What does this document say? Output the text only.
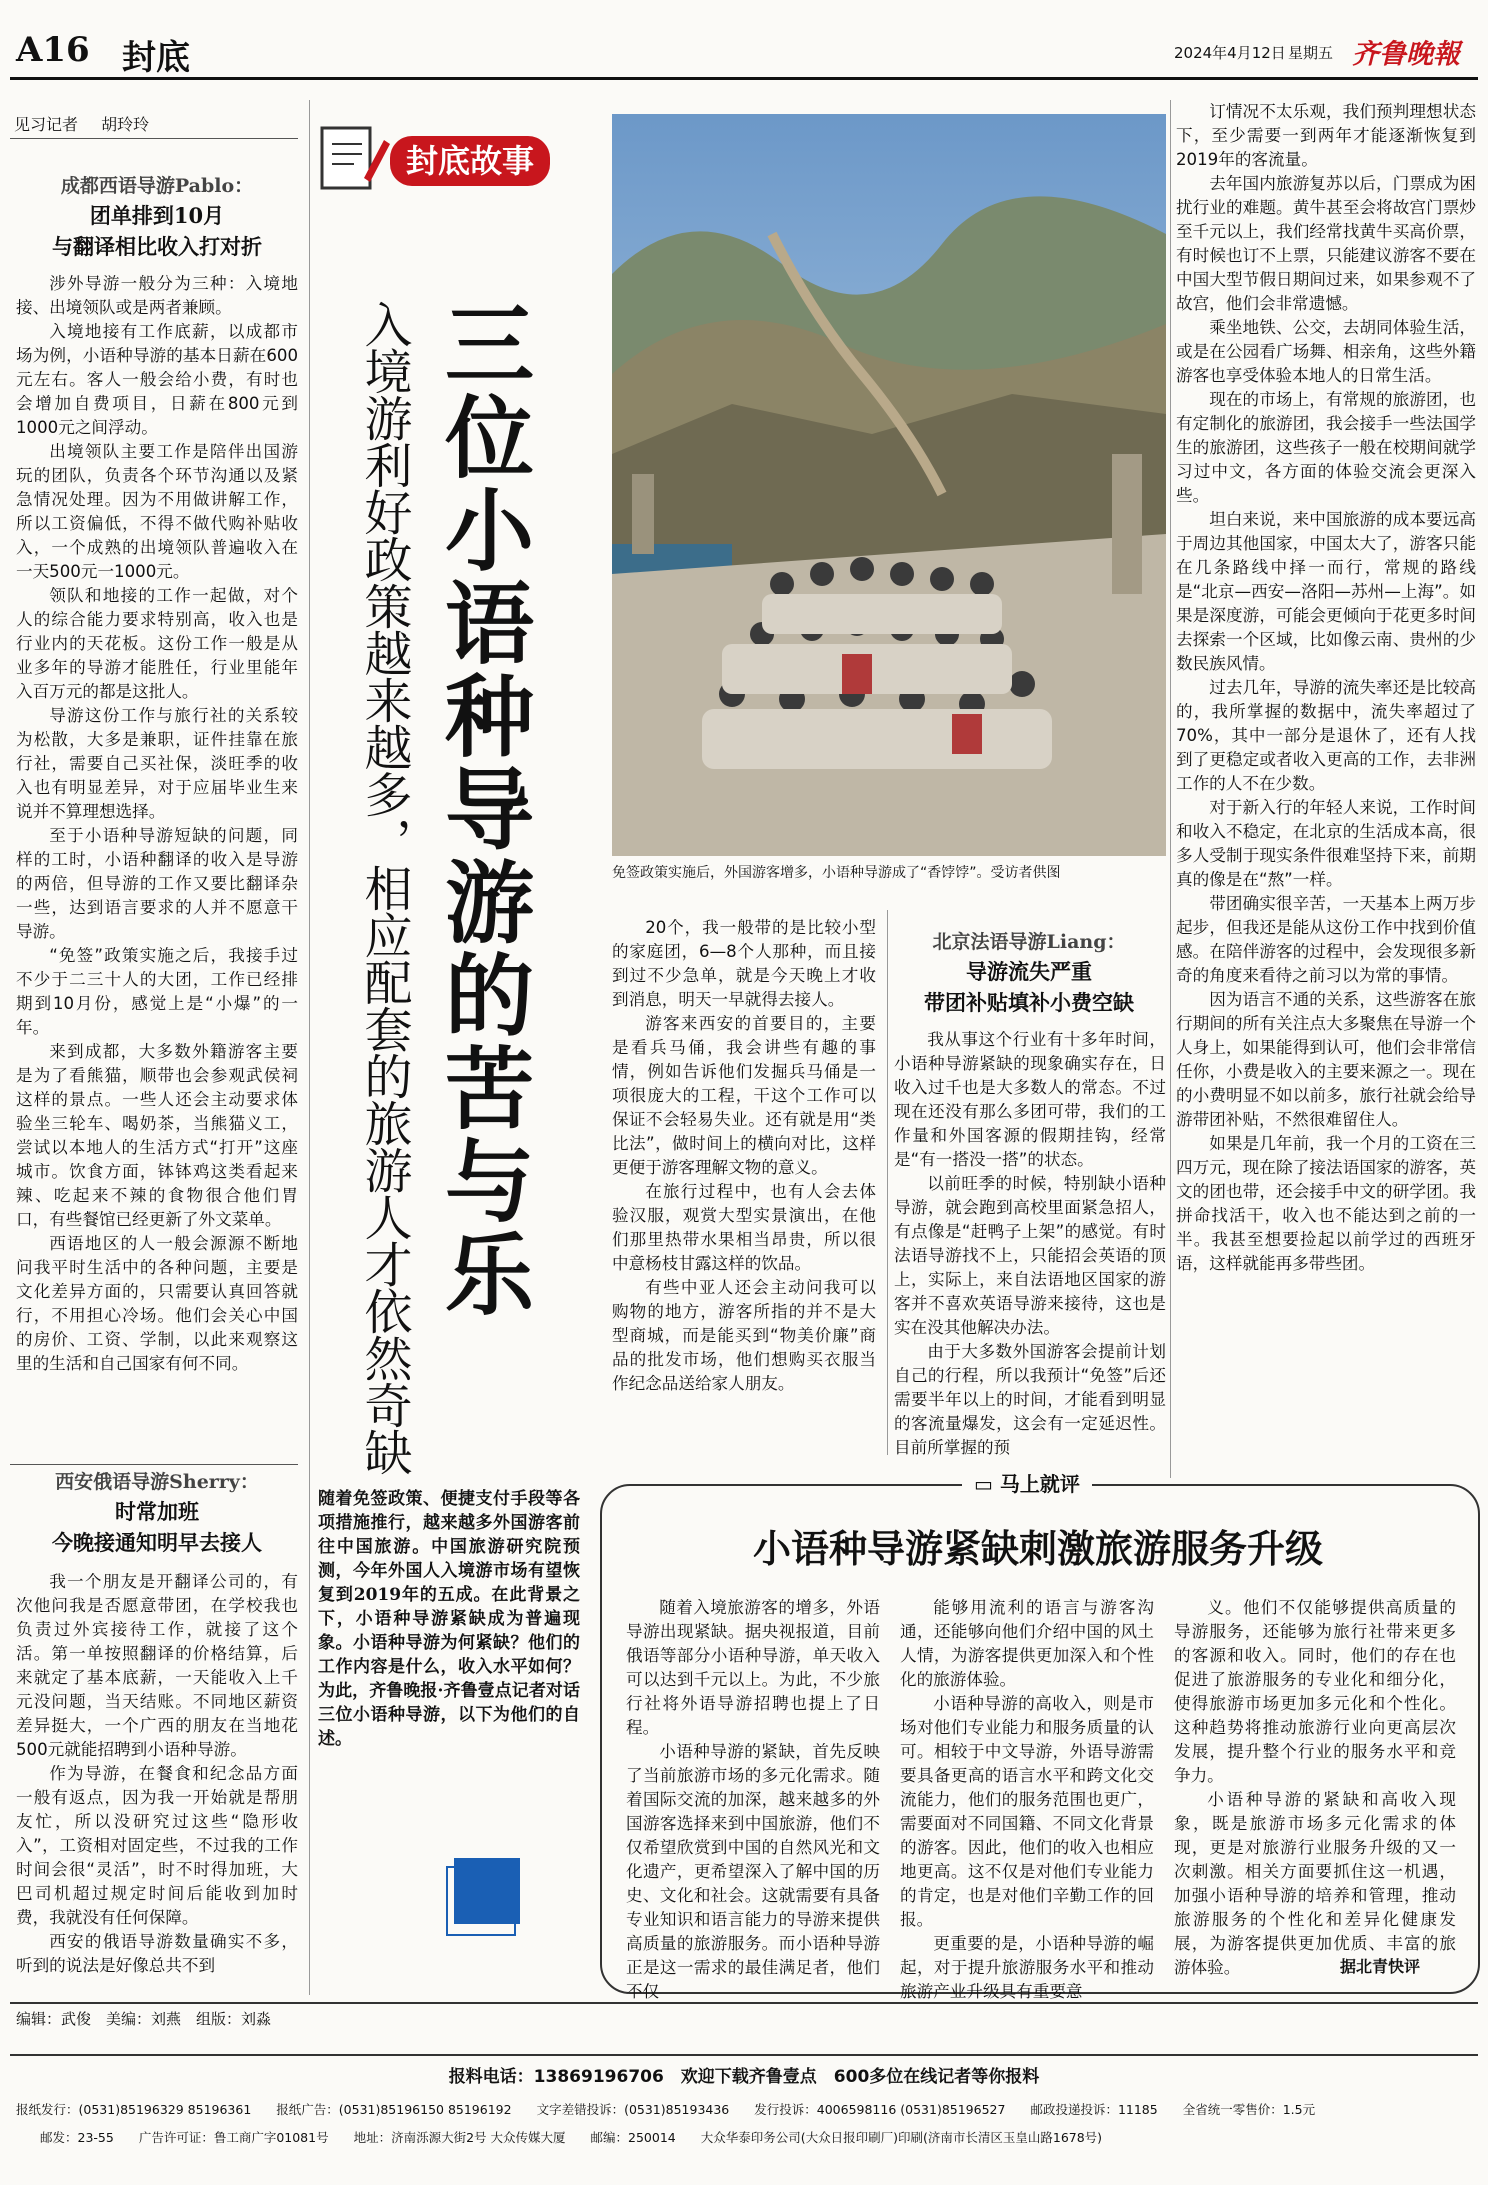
A16 封底	2024年4月12日 星期五 齐鲁晚報
见习记者 胡玲玲
成都西语导游Pablo：
团单排到10月
与翻译相比收入打对折

涉外导游一般分为三种：入境地接、出境领队或是两者兼顾。

入境地接有工作底薪，以成都市场为例，小语种导游的基本日薪在600元左右。客人一般会给小费，有时也会增加自费项目，日薪在800元到1000元之间浮动。

出境领队主要工作是陪伴出国游玩的团队，负责各个环节沟通以及紧急情况处理。因为不用做讲解工作，所以工资偏低，不得不做代购补贴收入，一个成熟的出境领队普遍收入在一天500元一1000元。

领队和地接的工作一起做，对个人的综合能力要求特别高，收入也是行业内的天花板。这份工作一般是从业多年的导游才能胜任，行业里能年入百万元的都是这批人。

导游这份工作与旅行社的关系较为松散，大多是兼职，证件挂靠在旅行社，需要自己买社保，淡旺季的收入也有明显差异，对于应届毕业生来说并不算理想选择。

至于小语种导游短缺的问题，同样的工时，小语种翻译的收入是导游的两倍，但导游的工作又要比翻译杂一些，达到语言要求的人并不愿意干导游。

“免签”政策实施之后，我接手过不少于二三十人的大团，工作已经排期到10月份，感觉上是“小爆”的一年。

来到成都，大多数外籍游客主要是为了看熊猫，顺带也会参观武侯祠这样的景点。一些人还会主动要求体验坐三轮车、喝奶茶，当熊猫义工，尝试以本地人的生活方式“打开”这座城市。饮食方面，钵钵鸡这类看起来辣、吃起来不辣的食物很合他们胃口，有些餐馆已经更新了外文菜单。

西语地区的人一般会源源不断地问我平时生活中的各种问题，主要是文化差异方面的，只需要认真回答就行，不用担心冷场。他们会关心中国的房价、工资、学制，以此来观察这里的生活和自己国家有何不同。

西安俄语导游Sherry：
时常加班
今晚接通知明早去接人

我一个朋友是开翻译公司的，有次他问我是否愿意带团，在学校我也负责过外宾接待工作，就接了这个活。第一单按照翻译的价格结算，后来就定了基本底薪，一天能收入上千元没问题，当天结账。不同地区薪资差异挺大，一个广西的朋友在当地花500元就能招聘到小语种导游。

作为导游，在餐食和纪念品方面一般有返点，因为我一开始就是帮朋友忙，所以没研究过这些“隐形收入”，工资相对固定些，不过我的工作时间会很“灵活”，时不时得加班，大巴司机超过规定时间后能收到加时费，我就没有任何保障。

西安的俄语导游数量确实不多，听到的说法是好像总共不到

封底故事
三位小语种导游的苦与乐
入境游利好政策越来越多，相应配套的旅游人才依然奇缺	免签政策实施后，外国游客增多，小语种导游成了“香饽饽”。受访者供图

20个，我一般带的是比较小型的家庭团，6—8个人那种，而且接到过不少急单，就是今天晚上才收到消息，明天一早就得去接人。

游客来西安的首要目的，主要是看兵马俑，我会讲些有趣的事情，例如告诉他们发掘兵马俑是一项很庞大的工程，干这个工作可以保证不会轻易失业。还有就是用“类比法”，做时间上的横向对比，这样更便于游客理解文物的意义。

在旅行过程中，也有人会去体验汉服，观赏大型实景演出，在他们那里热带水果相当昂贵，所以很中意杨枝甘露这样的饮品。

有些中亚人还会主动问我可以购物的地方，游客所指的并不是大型商城，而是能买到“物美价廉”商品的批发市场，他们想购买衣服当作纪念品送给家人朋友。

北京法语导游Liang：
导游流失严重
带团补贴填补小费空缺

我从事这个行业有十多年时间，小语种导游紧缺的现象确实存在，日收入过千也是大多数人的常态。不过现在还没有那么多团可带，我们的工作量和外国客源的假期挂钩，经常是“有一搭没一搭”的状态。

以前旺季的时候，特别缺小语种导游，就会跑到高校里面紧急招人，有点像是“赶鸭子上架”的感觉。有时法语导游找不上，只能招会英语的顶上，实际上，来自法语地区国家的游客并不喜欢英语导游来接待，这也是实在没其他解决办法。

由于大多数外国游客会提前计划自己的行程，所以我预计“免签”后还需要半年以上的时间，才能看到明显的客流量爆发，这会有一定延迟性。目前所掌握的预

订情况不太乐观，我们预判理想状态下，至少需要一到两年才能逐渐恢复到2019年的客流量。

去年国内旅游复苏以后，门票成为困扰行业的难题。黄牛甚至会将故宫门票炒至千元以上，我们经常找黄牛买高价票，有时候也订不上票，只能建议游客不要在中国大型节假日期间过来，如果参观不了故宫，他们会非常遗憾。

乘坐地铁、公交，去胡同体验生活，或是在公园看广场舞、相亲角，这些外籍游客也享受体验本地人的日常生活。

现在的市场上，有常规的旅游团，也有定制化的旅游团，我会接手一些法国学生的旅游团，这些孩子一般在校期间就学习过中文，各方面的体验交流会更深入些。

坦白来说，来中国旅游的成本要远高于周边其他国家，中国太大了，游客只能在几条路线中择一而行，常规的路线是“北京—西安—洛阳—苏州—上海”。如果是深度游，可能会更倾向于花更多时间去探索一个区域，比如像云南、贵州的少数民族风情。

过去几年，导游的流失率还是比较高的，我所掌握的数据中，流失率超过了70%，其中一部分是退休了，还有人找到了更稳定或者收入更高的工作，去非洲工作的人不在少数。

对于新入行的年轻人来说，工作时间和收入不稳定，在北京的生活成本高，很多人受制于现实条件很难坚持下来，前期真的像是在“熬”一样。

带团确实很辛苦，一天基本上两万步起步，但我还是能从这份工作中找到价值感。在陪伴游客的过程中，会发现很多新奇的角度来看待之前习以为常的事情。

因为语言不通的关系，这些游客在旅行期间的所有关注点大多聚焦在导游一个人身上，如果能得到认可，他们会非常信任你，小费是收入的主要来源之一。现在的小费明显不如以前多，旅行社就会给导游带团补贴，不然很难留住人。

如果是几年前，我一个月的工资在三四万元，现在除了接法语国家的游客，英文的团也带，还会接手中文的研学团。我拼命找活干，收入也不能达到之前的一半。我甚至想要捡起以前学过的西班牙语，这样就能再多带些团。

随着免签政策、便捷支付手段等各项措施推行，越来越多外国游客前往中国旅游。中国旅游研究院预测，今年外国人入境游市场有望恢复到2019年的五成。在此背景之下，小语种导游紧缺成为普遍现象。小语种导游为何紧缺？他们的工作内容是什么，收入水平如何？为此，齐鲁晚报·齐鲁壹点记者对话三位小语种导游，以下为他们的自述。
▭ 马上就评
小语种导游紧缺刺激旅游服务升级

随着入境旅游客的增多，外语导游出现紧缺。据央视报道，目前俄语等部分小语种导游，单天收入可以达到千元以上。为此，不少旅行社将外语导游招聘也提上了日程。

小语种导游的紧缺，首先反映了当前旅游市场的多元化需求。随着国际交流的加深，越来越多的外国游客选择来到中国旅游，他们不仅希望欣赏到中国的自然风光和文化遗产，更希望深入了解中国的历史、文化和社会。这就需要有具备专业知识和语言能力的导游来提供高质量的旅游服务。而小语种导游正是这一需求的最佳满足者，他们不仅

能够用流利的语言与游客沟通，还能够向他们介绍中国的风土人情，为游客提供更加深入和个性化的旅游体验。

小语种导游的高收入，则是市场对他们专业能力和服务质量的认可。相较于中文导游，外语导游需要具备更高的语言水平和跨文化交流能力，他们的服务范围也更广，需要面对不同国籍、不同文化背景的游客。因此，他们的收入也相应地更高。这不仅是对他们专业能力的肯定，也是对他们辛勤工作的回报。

更重要的是，小语种导游的崛起，对于提升旅游服务水平和推动旅游产业升级具有重要意

义。他们不仅能够提供高质量的导游服务，还能够为旅行社带来更多的客源和收入。同时，他们的存在也促进了旅游服务的专业化和细分化，使得旅游市场更加多元化和个性化。这种趋势将推动旅游行业向更高层次发展，提升整个行业的服务水平和竞争力。

小语种导游的紧缺和高收入现象，既是旅游市场多元化需求的体现，更是对旅游行业服务升级的又一次刺激。相关方面要抓住这一机遇，加强小语种导游的培养和管理，推动旅游服务的个性化和差异化健康发展，为游客提供更加优质、丰富的旅游体验。	据北青快评
编辑：武俊　美编：刘燕　组版：刘淼
报料电话：13869196706　欢迎下载齐鲁壹点　600多位在线记者等你报料
报纸发行：(0531)85196329 85196361　　报纸广告：(0531)85196150 85196192　　文字差错投诉：(0531)85193436　　发行投诉：4006598116 (0531)85196527　　邮政投递投诉：11185　　全省统一零售价：1.5元
邮发：23-55　　广告许可证：鲁工商广字01081号　　地址：济南泺源大街2号 大众传媒大厦　　邮编：250014　　大众华泰印务公司(大众日报印刷厂)印刷(济南市长清区玉皇山路1678号)
